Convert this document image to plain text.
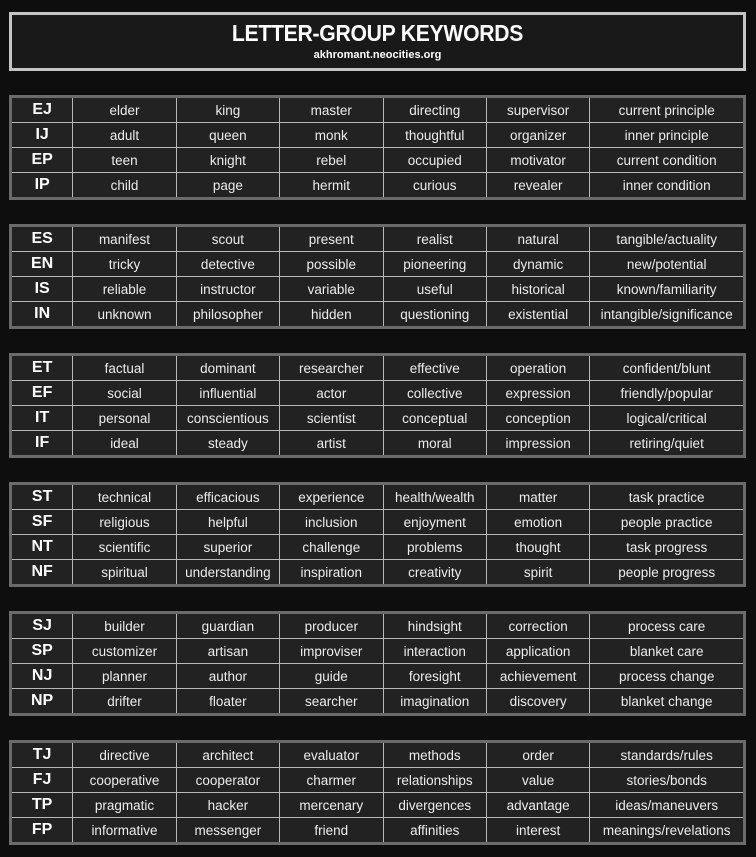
LETTER-GROUP KEYWORDS
akhromant.neocities.org
EJ	elder	king	master	directing	supervisor	current principle
IJ	adult	queen	monk	thoughtful	organizer	inner principle
EP	teen	knight	rebel	occupied	motivator	current condition
IP	child	page	hermit	curious	revealer	inner condition
ES	manifest	scout	present	realist	natural	tangible/actuality
EN	tricky	detective	possible	pioneering	dynamic	new/potential
IS	reliable	instructor	variable	useful	historical	known/familiarity
IN	unknown	philosopher	hidden	questioning	existential	intangible/significance
ET	factual	dominant	researcher	effective	operation	confident/blunt
EF	social	influential	actor	collective	expression	friendly/popular
IT	personal	conscientious	scientist	conceptual	conception	logical/critical
IF	ideal	steady	artist	moral	impression	retiring/quiet
ST	technical	efficacious	experience	health/wealth	matter	task practice
SF	religious	helpful	inclusion	enjoyment	emotion	people practice
NT	scientific	superior	challenge	problems	thought	task progress
NF	spiritual	understanding	inspiration	creativity	spirit	people progress
SJ	builder	guardian	producer	hindsight	correction	process care
SP	customizer	artisan	improviser	interaction	application	blanket care
NJ	planner	author	guide	foresight	achievement	process change
NP	drifter	floater	searcher	imagination	discovery	blanket change
TJ	directive	architect	evaluator	methods	order	standards/rules
FJ	cooperative	cooperator	charmer	relationships	value	stories/bonds
TP	pragmatic	hacker	mercenary	divergences	advantage	ideas/maneuvers
FP	informative	messenger	friend	affinities	interest	meanings/revelations
